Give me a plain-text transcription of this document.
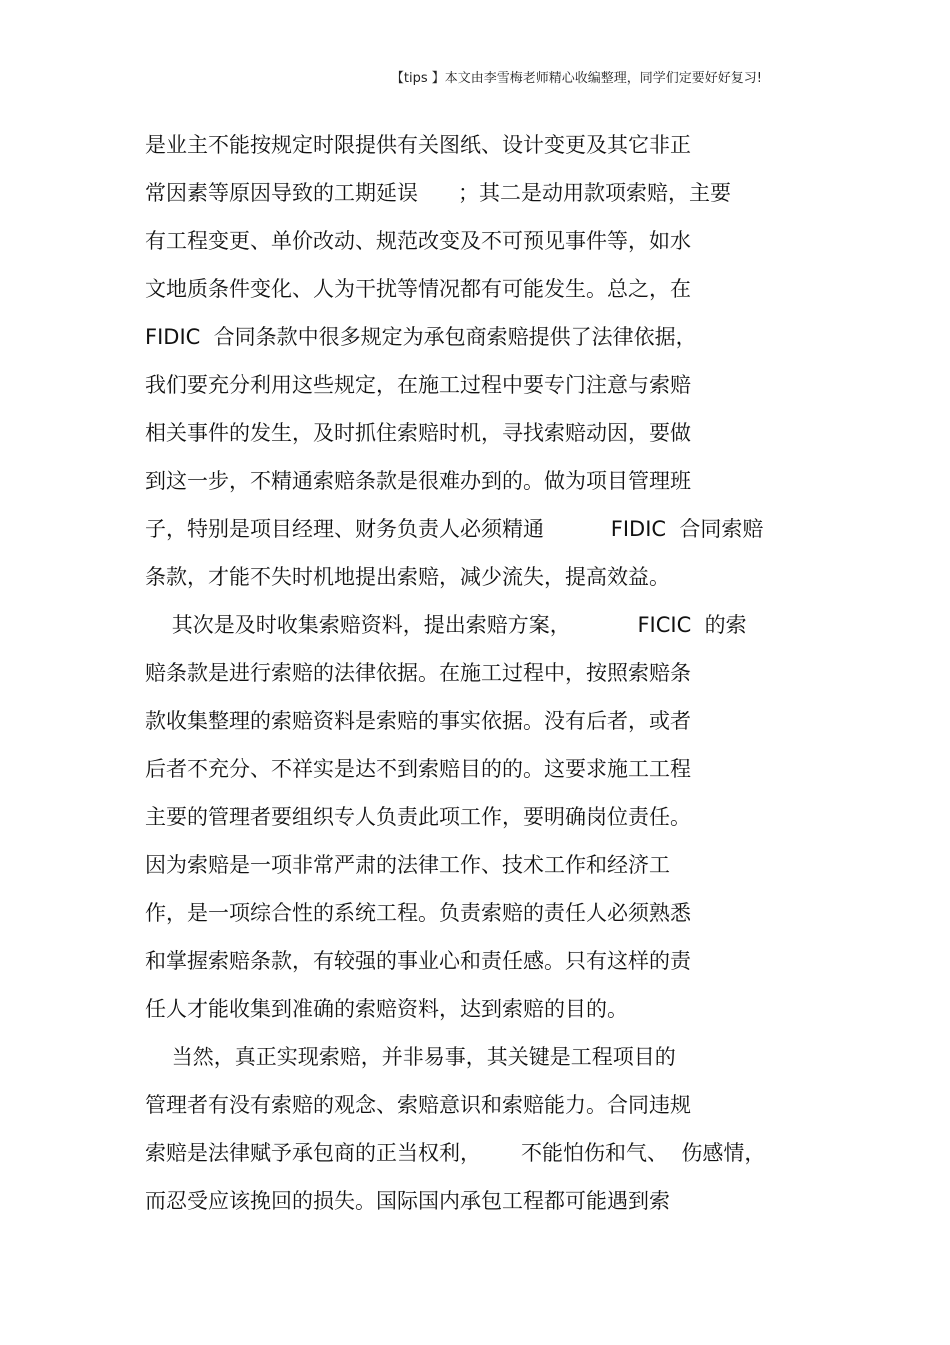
【tips 】本文由李雪梅老师精心收编整理，同学们定要好好复习!
是业主不能按规定时限提供有关图纸、设计变更及其它非正
常因素等原因导致的工期延误      ；其二是动用款项索赔，主要
有工程变更、单价改动、规范改变及不可预见事件等，如水
文地质条件变化、人为干扰等情况都有可能发生。总之，在
FIDIC  合同条款中很多规定为承包商索赔提供了法律依据，
我们要充分利用这些规定，在施工过程中要专门注意与索赔
相关事件的发生，及时抓住索赔时机，寻找索赔动因，要做
到这一步，不精通索赔条款是很难办到的。做为项目管理班
子，特别是项目经理、财务负责人必须精通          FIDIC  合同索赔
条款，才能不失时机地提出索赔，减少流失，提高效益。
其次是及时收集索赔资料，提出索赔方案，          FICIC  的索
赔条款是进行索赔的法律依据。在施工过程中，按照索赔条
款收集整理的索赔资料是索赔的事实依据。没有后者，或者
后者不充分、不祥实是达不到索赔目的的。这要求施工工程
主要的管理者要组织专人负责此项工作，要明确岗位责任。
因为索赔是一项非常严肃的法律工作、技术工作和经济工
作，是一项综合性的系统工程。负责索赔的责任人必须熟悉
和掌握索赔条款，有较强的事业心和责任感。只有这样的责
任人才能收集到准确的索赔资料，达到索赔的目的。
当然，真正实现索赔，并非易事，其关键是工程项目的
管理者有没有索赔的观念、索赔意识和索赔能力。合同违规
索赔是法律赋予承包商的正当权利，      不能怕伤和气、  伤感情，
而忍受应该挽回的损失。国际国内承包工程都可能遇到索
